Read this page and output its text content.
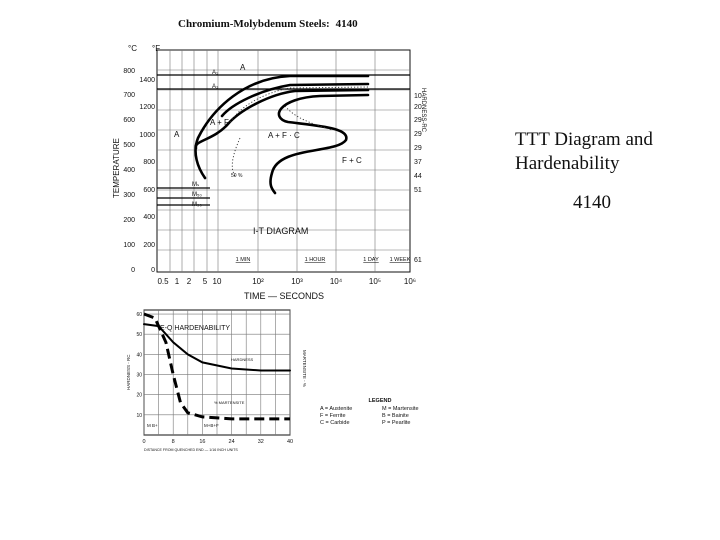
Chromium-Molybdenum Steels: 4140
TTT Diagram and Hardenability
4140
°C °F
800
700
600
500
400
300
200
100
0
1400
1200
1000
800
600
400
200
0
TEMPERATURE
HARDNESS-RC
10
20
29
29
29
37
44
51
61
0.5 1 2 5 10	10²	10³	10⁴	10⁵	10⁶
TIME — SECONDS
1 MIN	1 HOUR	1 DAY 1 WEEK
I-T DIAGRAM
A₁
A₃
Mₛ
M₅₀
M₉₀
A
A
A + F
A + F · C
F + C
50 %
E-Q HARDENABILITY
HARDNESS - RC	MARTENSITE - %
60
50
40
30
20
10
0	8	16	24	32	40
DISTANCE FROM QUENCHED END — 1/16 INCH UNITS
HARDNESS
% MARTENSITE
M B+	M+B+F
LEGEND
A = Austenite	M = Martensite
F = Ferrite	B = Bainite
C = Carbide	P = Pearlite
